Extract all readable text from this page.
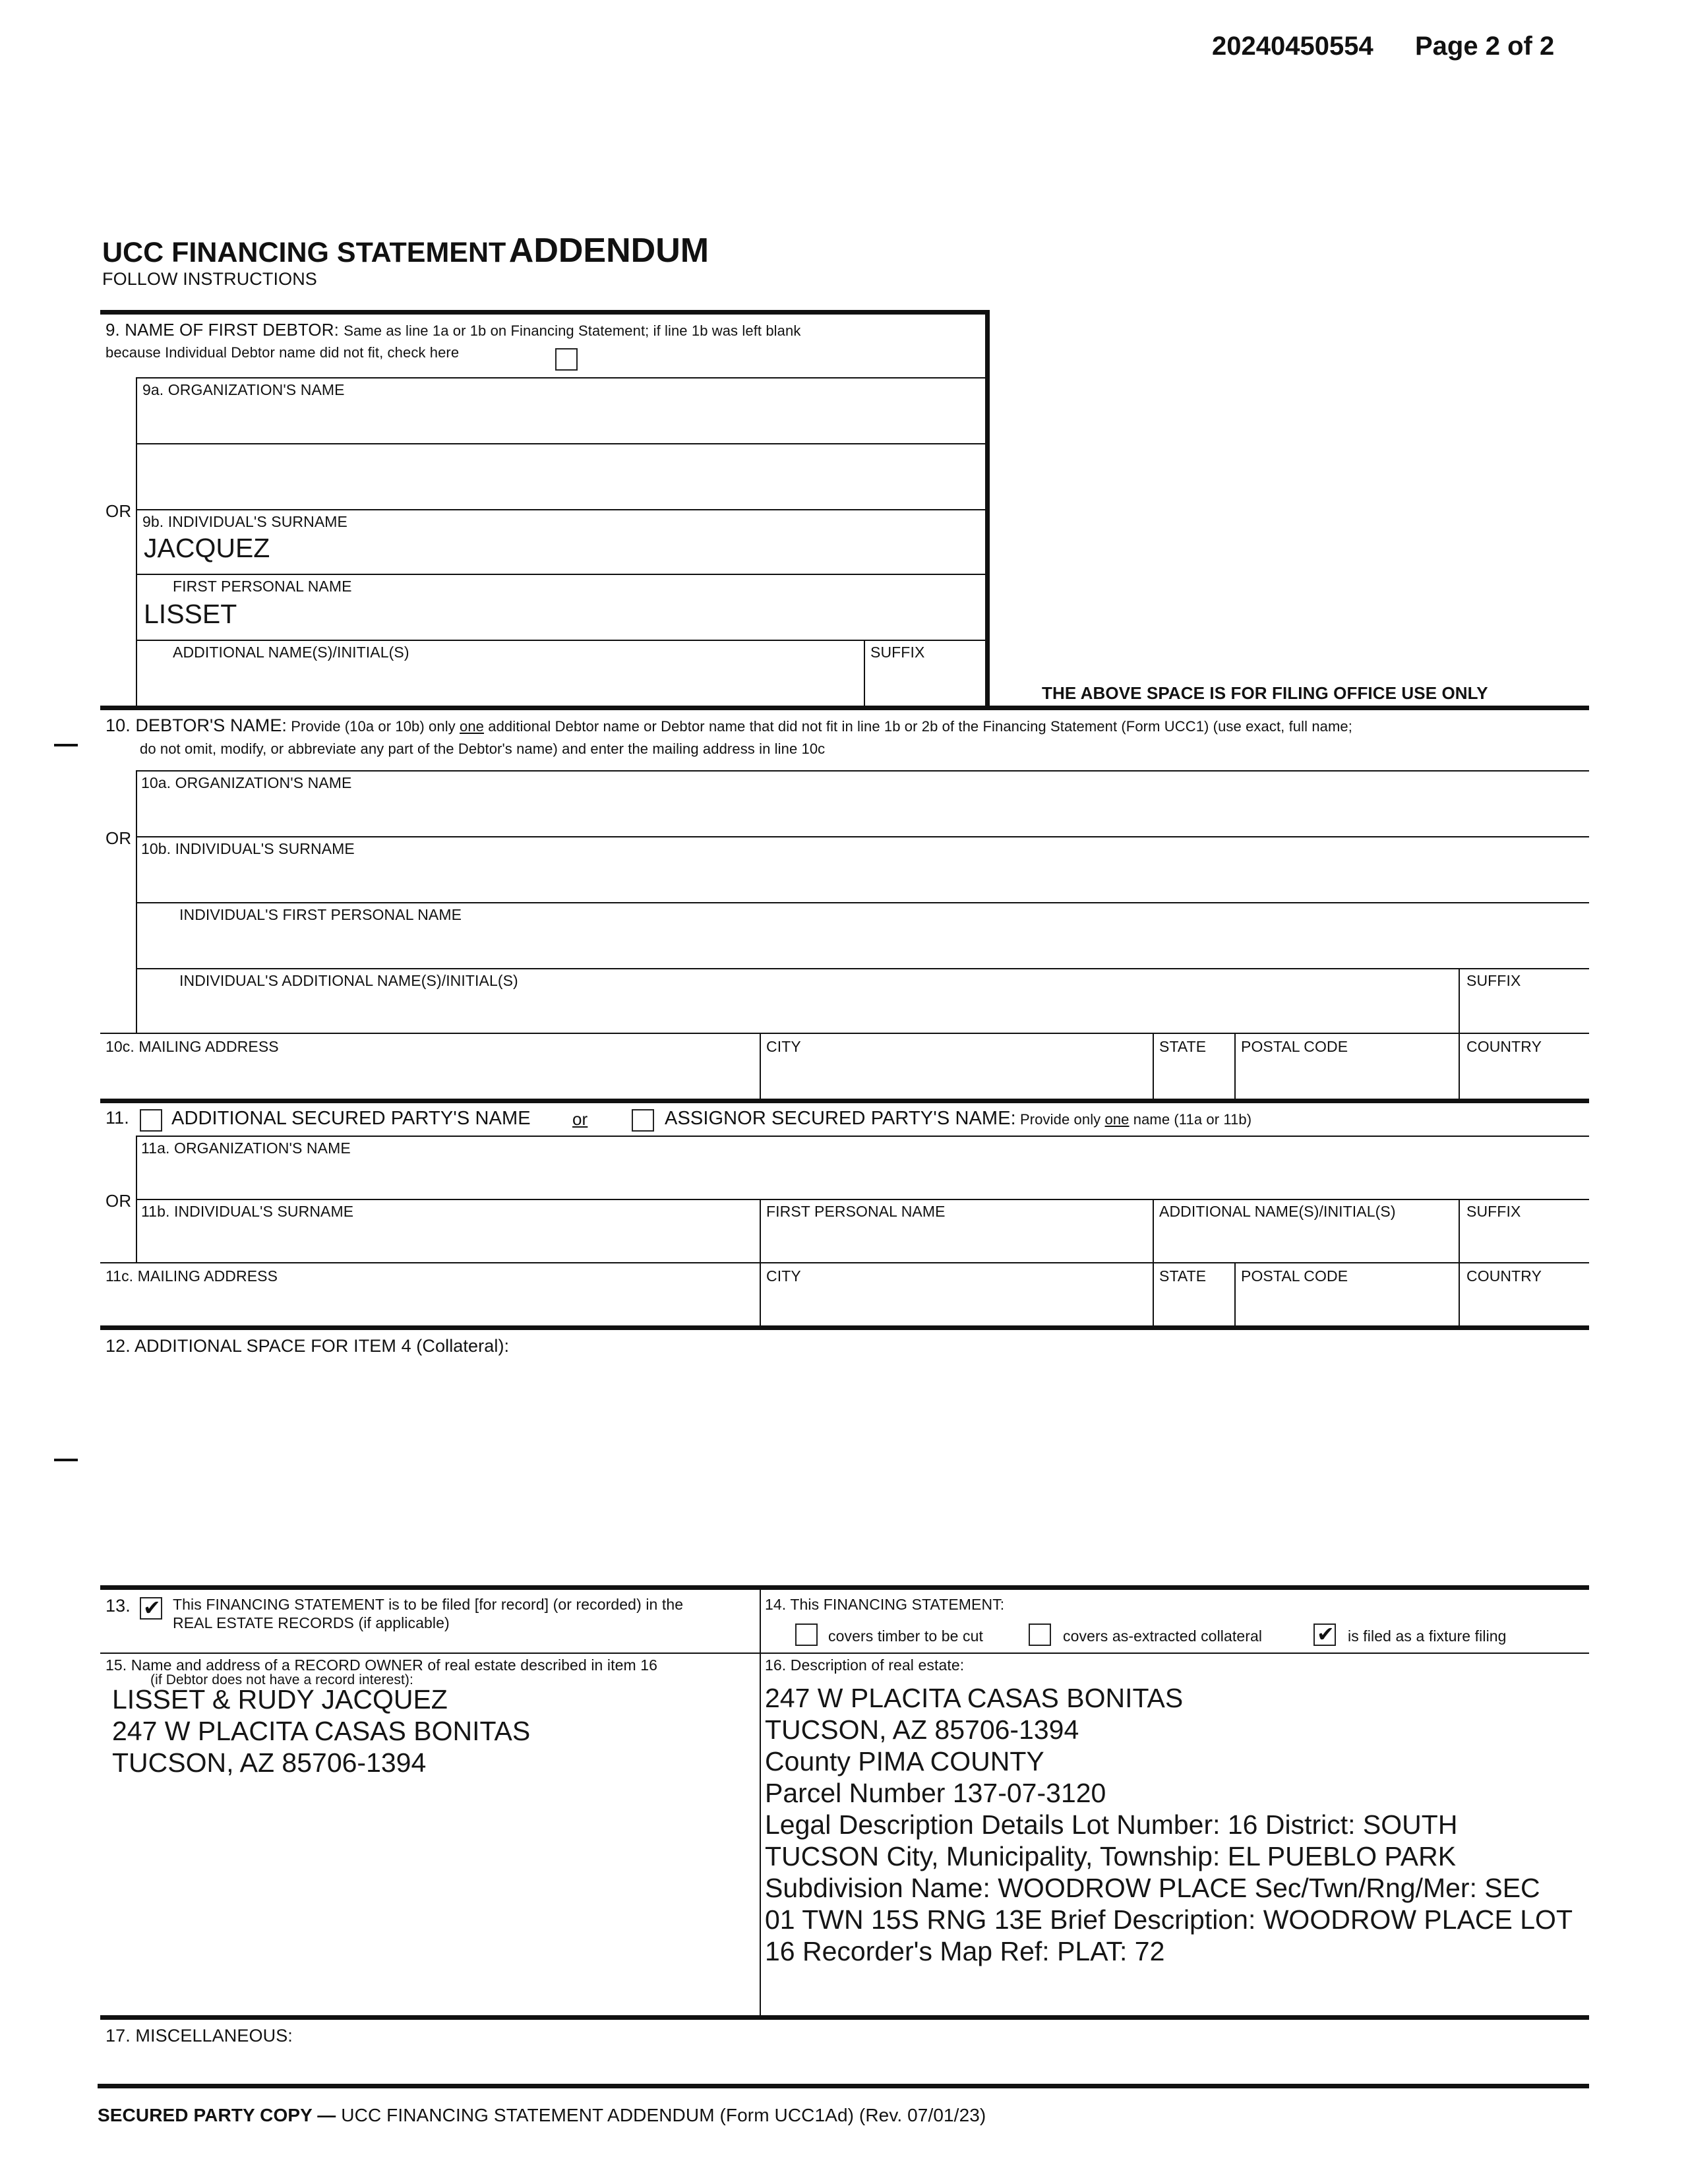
20240450554 Page 2 of 2
UCC FINANCING STATEMENT ADDENDUM
FOLLOW INSTRUCTIONS
9. NAME OF FIRST DEBTOR: Same as line 1a or 1b on Financing Statement; if line 1b was left blank
because Individual Debtor name did not fit, check here
9a. ORGANIZATION'S NAME
OR
9b. INDIVIDUAL'S SURNAME
JACQUEZ
FIRST PERSONAL NAME
LISSET
ADDITIONAL NAME(S)/INITIAL(S)	SUFFIX
THE ABOVE SPACE IS FOR FILING OFFICE USE ONLY
10. DEBTOR'S NAME: Provide (10a or 10b) only one additional Debtor name or Debtor name that did not fit in line 1b or 2b of the Financing Statement (Form UCC1) (use exact, full name;
do not omit, modify, or abbreviate any part of the Debtor's name) and enter the mailing address in line 10c
10a. ORGANIZATION'S NAME
OR
10b. INDIVIDUAL'S SURNAME
INDIVIDUAL'S FIRST PERSONAL NAME
INDIVIDUAL'S ADDITIONAL NAME(S)/INITIAL(S)	SUFFIX
10c. MAILING ADDRESS	CITY	STATE POSTAL CODE	COUNTRY
11. ADDITIONAL SECURED PARTY'S NAME or	ASSIGNOR SECURED PARTY'S NAME: Provide only one name (11a or 11b)
11a. ORGANIZATION'S NAME
OR
11b. INDIVIDUAL'S SURNAME	FIRST PERSONAL NAME	ADDITIONAL NAME(S)/INITIAL(S)	SUFFIX
11c. MAILING ADDRESS	CITY	STATE POSTAL CODE	COUNTRY
12. ADDITIONAL SPACE FOR ITEM 4 (Collateral):
13. ✔	This FINANCING STATEMENT is to be filed [for record] (or recorded) in the
REAL ESTATE RECORDS (if applicable)
14. This FINANCING STATEMENT:
covers timber to be cut	covers as-extracted collateral ✔	is filed as a fixture filing
15. Name and address of a RECORD OWNER of real estate described in item 16
(if Debtor does not have a record interest):
LISSET & RUDY JACQUEZ
247 W PLACITA CASAS BONITAS
TUCSON, AZ 85706-1394
16. Description of real estate:
247 W PLACITA CASAS BONITAS
TUCSON, AZ 85706-1394
County PIMA COUNTY
Parcel Number 137-07-3120
Legal Description Details Lot Number: 16 District: SOUTH
TUCSON City, Municipality, Township: EL PUEBLO PARK
Subdivision Name: WOODROW PLACE Sec/Twn/Rng/Mer: SEC
01 TWN 15S RNG 13E Brief Description: WOODROW PLACE LOT
16 Recorder's Map Ref: PLAT: 72
17. MISCELLANEOUS:
SECURED PARTY COPY — UCC FINANCING STATEMENT ADDENDUM (Form UCC1Ad) (Rev. 07/01/23)
